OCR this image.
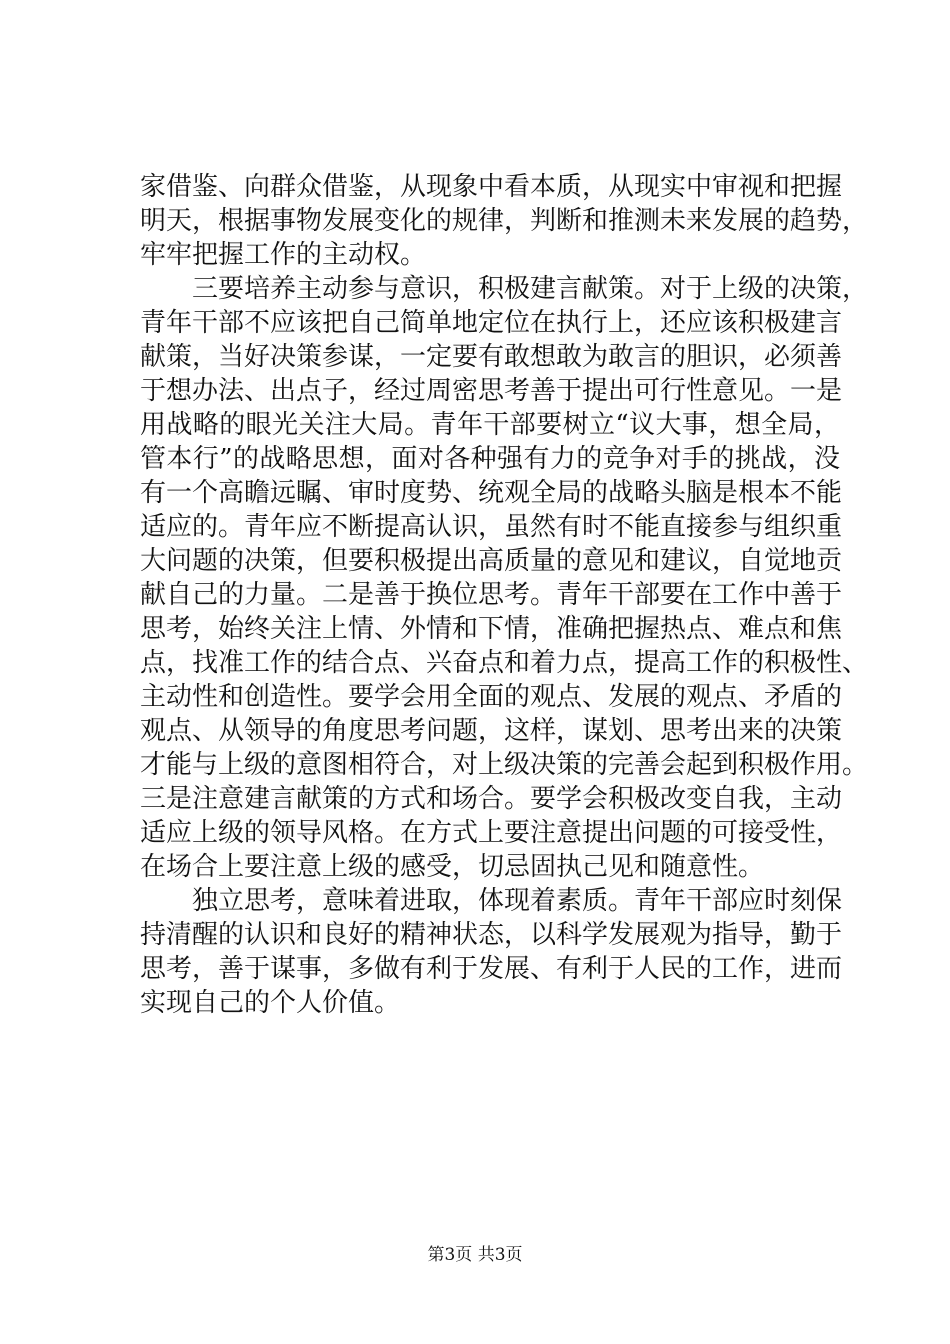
家借鉴、向群众借鉴，从现象中看本质，从现实中审视和把握
明天，根据事物发展变化的规律，判断和推测未来发展的趋势，
牢牢把握工作的主动权。
三要培养主动参与意识，积极建言献策。对于上级的决策，
青年干部不应该把自己简单地定位在执行上，还应该积极建言
献策，当好决策参谋，一定要有敢想敢为敢言的胆识，必须善
于想办法、出点子，经过周密思考善于提出可行性意见。一是
用战略的眼光关注大局。青年干部要树立“议大事，想全局，
管本行”的战略思想，面对各种强有力的竞争对手的挑战，没
有一个高瞻远瞩、审时度势、统观全局的战略头脑是根本不能
适应的。青年应不断提高认识，虽然有时不能直接参与组织重
大问题的决策，但要积极提出高质量的意见和建议，自觉地贡
献自己的力量。二是善于换位思考。青年干部要在工作中善于
思考，始终关注上情、外情和下情，准确把握热点、难点和焦
点，找准工作的结合点、兴奋点和着力点，提高工作的积极性、
主动性和创造性。要学会用全面的观点、发展的观点、矛盾的
观点、从领导的角度思考问题，这样，谋划、思考出来的决策
才能与上级的意图相符合，对上级决策的完善会起到积极作用。
三是注意建言献策的方式和场合。要学会积极改变自我，主动
适应上级的领导风格。在方式上要注意提出问题的可接受性，
在场合上要注意上级的感受，切忌固执己见和随意性。
独立思考，意味着进取，体现着素质。青年干部应时刻保
持清醒的认识和良好的精神状态，以科学发展观为指导，勤于
思考，善于谋事，多做有利于发展、有利于人民的工作，进而
实现自己的个人价值。
第3页 共3页
